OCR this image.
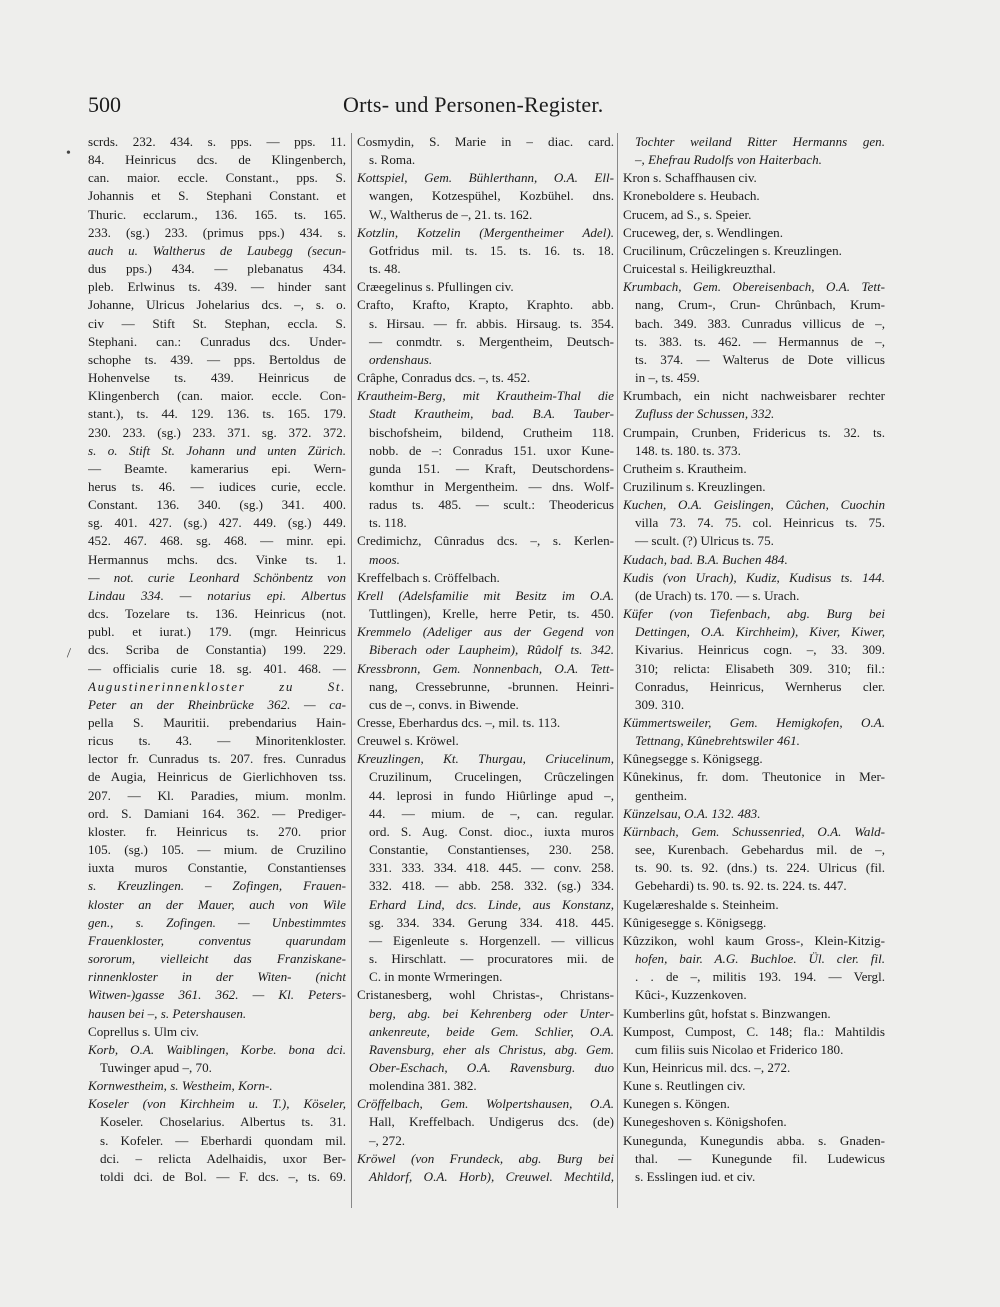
500	Orts- und Personen-Register.
•
\
scrds. 232. 434. s. pps. — pps. 11.
84. Heinricus dcs. de Klingenberch,
can. maior. eccle. Constant., pps. S.
Johannis et S. Stephani Constant. et
Thuric. ecclarum., 136. 165. ts. 165.
233. (sg.) 233. (primus pps.) 434. s.
auch u. Waltherus de Laubegg (secun-
dus pps.) 434. — plebanatus 434.
pleb. Erlwinus ts. 439. — hinder sant
Johanne, Ulricus Johelarius dcs. –, s. o.
civ — Stift St. Stephan, eccla. S.
Stephani. can.: Cunradus dcs. Under-
schophe ts. 439. — pps. Bertoldus de
Hohenvelse ts. 439. Heinricus de
Klingenberch (can. maior. eccle. Con-
stant.), ts. 44. 129. 136. ts. 165. 179.
230. 233. (sg.) 233. 371. sg. 372. 372.
s. o. Stift St. Johann und unten Zürich.
— Beamte. kamerarius epi. Wern-
herus ts. 46. — iudices curie, eccle.
Constant. 136. 340. (sg.) 341. 400.
sg. 401. 427. (sg.) 427. 449. (sg.) 449.
452. 467. 468. sg. 468. — minr. epi.
Hermannus mchs. dcs. Vinke ts. 1.
— not. curie Leonhard Schönbentz von
Lindau 334. — notarius epi. Albertus
dcs. Tozelare ts. 136. Heinricus (not.
publ. et iurat.) 179. (mgr. Heinricus
dcs. Scriba de Constantia) 199. 229.
— officialis curie 18. sg. 401. 468. —
Augustinerinnenkloster zu St.
Peter an der Rheinbrücke 362. — ca-
pella S. Mauritii. prebendarius Hain-
ricus ts. 43. — Minoritenkloster.
lector fr. Cunradus ts. 207. fres. Cunradus
de Augia, Heinricus de Gierlichhoven tss.
207. — Kl. Paradies, mium. monlm.
ord. S. Damiani 164. 362. — Prediger-
kloster. fr. Heinricus ts. 270. prior
105. (sg.) 105. — mium. de Cruzilino
iuxta muros Constantie, Constantienses
s. Kreuzlingen. – Zofingen, Frauen-
kloster an der Mauer, auch von Wile
gen., s. Zofingen. — Unbestimmtes
Frauenkloster, conventus quarundam
sororum, vielleicht das Franziskane-
rinnenkloster in der Witen- (nicht
Witwen-)gasse 361. 362. — Kl. Peters-
hausen bei –, s. Petershausen.
Coprellus s. Ulm civ.
Korb, O.A. Waiblingen, Korbe. bona dci.
Tuwinger apud –, 70.
Kornwestheim, s. Westheim, Korn-.
Koseler (von Kirchheim u. T.), Köseler,
Koseler. Choselarius. Albertus ts. 31.
s. Kofeler. — Eberhardi quondam mil.
dci. – relicta Adelhaidis, uxor Ber-
toldi dci. de Bol. — F. dcs. –, ts. 69.
Cosmydin, S. Marie in – diac. card.
s. Roma.
Kottspiel, Gem. Bühlerthann, O.A. Ell-
wangen, Kotzespühel, Kozbühel. dns.
W., Waltherus de –, 21. ts. 162.
Kotzlin, Kotzelin (Mergentheimer Adel).
Gotfridus mil. ts. 15. ts. 16. ts. 18.
ts. 48.
Cræegelinus s. Pfullingen civ.
Crafto, Krafto, Krapto, Kraphto. abb.
s. Hirsau. — fr. abbis. Hirsaug. ts. 354.
— conmdtr. s. Mergentheim, Deutsch-
ordenshaus.
Crâphe, Conradus dcs. –, ts. 452.
Krautheim-Berg, mit Krautheim-Thal die
Stadt Krautheim, bad. B.A. Tauber-
bischofsheim, bildend, Crutheim 118.
nobb. de –: Conradus 151. uxor Kune-
gunda 151. — Kraft, Deutschordens-
komthur in Mergentheim. — dns. Wolf-
radus ts. 485. — scult.: Theodericus
ts. 118.
Credimichz, Cûnradus dcs. –, s. Kerlen-
moos.
Kreffelbach s. Cröffelbach.
Krell (Adelsfamilie mit Besitz im O.A.
Tuttlingen), Krelle, herre Petir, ts. 450.
Kremmelo (Adeliger aus der Gegend von
Biberach oder Laupheim), Rûdolf ts. 342.
Kressbronn, Gem. Nonnenbach, O.A. Tett-
nang, Cressebrunne, -brunnen. Heinri-
cus de –, convs. in Biwende.
Cresse, Eberhardus dcs. –, mil. ts. 113.
Creuwel s. Kröwel.
Kreuzlingen, Kt. Thurgau, Criucelinum,
Cruzilinum, Crucelingen, Crûczelingen
44. leprosi in fundo Hiûrlinge apud –,
44. — mium. de –, can. regular.
ord. S. Aug. Const. dioc., iuxta muros
Constantie, Constantienses, 230. 258.
331. 333. 334. 418. 445. — conv. 258.
332. 418. — abb. 258. 332. (sg.) 334.
Erhard Lind, dcs. Linde, aus Konstanz,
sg. 334. 334. Gerung 334. 418. 445.
— Eigenleute s. Horgenzell. — villicus
s. Hirschlatt. — procuratores mii. de
C. in monte Wrmeringen.
Cristanesberg, wohl Christas-, Christans-
berg, abg. bei Kehrenberg oder Unter-
ankenreute, beide Gem. Schlier, O.A.
Ravensburg, eher als Christus, abg. Gem.
Ober-Eschach, O.A. Ravensburg. duo
molendina 381. 382.
Cröffelbach, Gem. Wolpertshausen, O.A.
Hall, Kreffelbach. Undigerus dcs. (de)
–, 272.
Kröwel (von Frundeck, abg. Burg bei
Ahldorf, O.A. Horb), Creuwel. Mechtild,
Tochter weiland Ritter Hermanns gen.
–, Ehefrau Rudolfs von Haiterbach.
Kron s. Schaffhausen civ.
Kroneboldere s. Heubach.
Crucem, ad S., s. Speier.
Cruceweg, der, s. Wendlingen.
Crucilinum, Crûczelingen s. Kreuzlingen.
Cruicestal s. Heiligkreuzthal.
Krumbach, Gem. Obereisenbach, O.A. Tett-
nang, Crum-, Crun- Chrûnbach, Krum-
bach. 349. 383. Cunradus villicus de –,
ts. 383. ts. 462. — Hermannus de –,
ts. 374. — Walterus de Dote villicus
in –, ts. 459.
Krumbach, ein nicht nachweisbarer rechter
Zufluss der Schussen, 332.
Crumpain, Crunben, Fridericus ts. 32. ts.
148. ts. 180. ts. 373.
Crutheim s. Krautheim.
Cruzilinum s. Kreuzlingen.
Kuchen, O.A. Geislingen, Cûchen, Cuochin
villa 73. 74. 75. col. Heinricus ts. 75.
— scult. (?) Ulricus ts. 75.
Kudach, bad. B.A. Buchen 484.
Kudis (von Urach), Kudiz, Kudisus ts. 144.
(de Urach) ts. 170. — s. Urach.
Küfer (von Tiefenbach, abg. Burg bei
Dettingen, O.A. Kirchheim), Kiver, Kiwer,
Kivarius. Heinricus cogn. –, 33. 309.
310; relicta: Elisabeth 309. 310; fil.:
Conradus, Heinricus, Wernherus cler.
309. 310.
Kümmertsweiler, Gem. Hemigkofen, O.A.
Tettnang, Kûnebrehtswiler 461.
Kûnegsegge s. Königsegg.
Kûnekinus, fr. dom. Theutonice in Mer-
gentheim.
Künzelsau, O.A. 132. 483.
Kürnbach, Gem. Schussenried, O.A. Wald-
see, Kurenbach. Gebehardus mil. de –,
ts. 90. ts. 92. (dns.) ts. 224. Ulricus (fil.
Gebehardi) ts. 90. ts. 92. ts. 224. ts. 447.
Kugelæreshalde s. Steinheim.
Kûnigesegge s. Königsegg.
Kûzzikon, wohl kaum Gross-, Klein-Kitzig-
hofen, bair. A.G. Buchloe. Ül. cler. fil.
. . de –, militis 193. 194. — Vergl.
Kûci-, Kuzzenkoven.
Kumberlins gût, hofstat s. Binzwangen.
Kumpost, Cumpost, C. 148; fla.: Mahtildis
cum filiis suis Nicolao et Friderico 180.
Kun, Heinricus mil. dcs. –, 272.
Kune s. Reutlingen civ.
Kunegen s. Köngen.
Kunegeshoven s. Königshofen.
Kunegunda, Kunegundis abba. s. Gnaden-
thal. — Kunegunde fil. Ludewicus
s. Esslingen iud. et civ.
